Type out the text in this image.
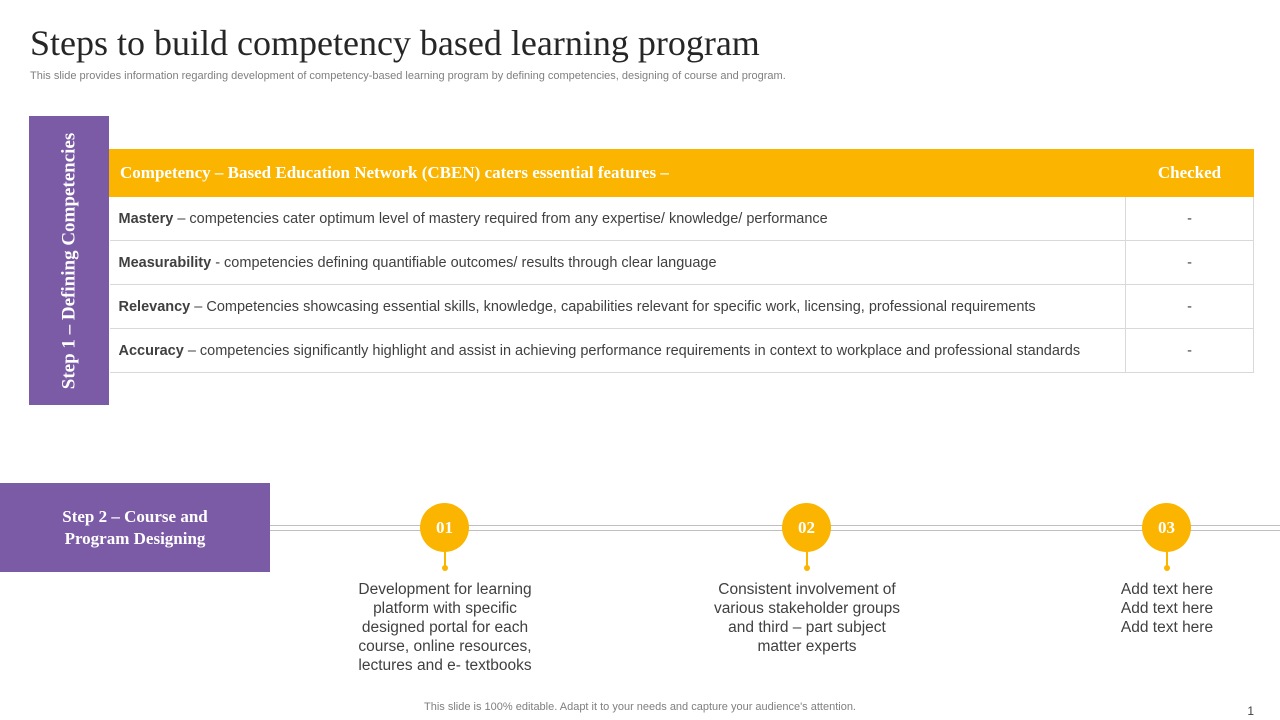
Steps to build competency based learning program
This slide provides information regarding development of competency-based learning program by defining competencies, designing of course and program.
Step 1 – Defining Competencies Competency – Based Education Network (CBEN) caters essential features –	Checked
Mastery – competencies cater optimum level of mastery required from any expertise/ knowledge/ performance	-
Measurability - competencies defining quantifiable outcomes/ results through clear language	-
Relevancy – Competencies showcasing essential skills, knowledge, capabilities relevant for specific work, licensing, professional requirements	-
Accuracy – competencies significantly highlight and assist in achieving performance requirements in context to workplace and professional standards	-
Step 2 – Course and Program Designing
01
Development for learning platform with specific designed portal for each course, online resources, lectures and e- textbooks
02
Consistent involvement of various stakeholder groups and third – part subject matter experts
03
Add text here
Add text here
Add text here
This slide is 100% editable. Adapt it to your needs and capture your audience's attention.	1
